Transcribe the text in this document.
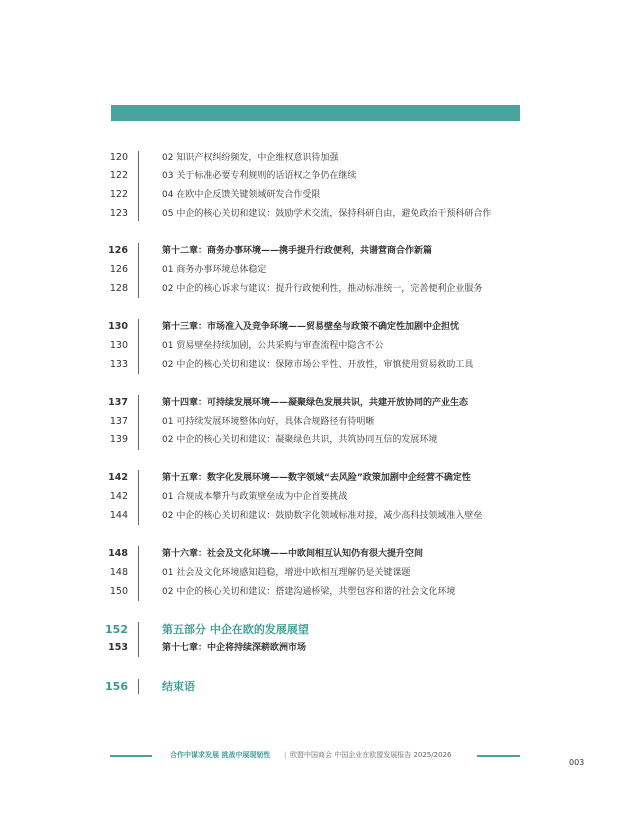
120	02 知识产权纠纷频发，中企维权意识待加强
122	03 关于标准必要专利规则的话语权之争仍在继续
122	04 在欧中企反馈关键领域研发合作受限
123	05 中企的核心关切和建议：鼓励学术交流，保持科研自由，避免政治干预科研合作
126	第十二章：商务办事环境——携手提升行政便利，共谱营商合作新篇
126	01 商务办事环境总体稳定
128	02 中企的核心诉求与建议：提升行政便利性，推动标准统一，完善便利企业服务
130	第十三章：市场准入及竞争环境——贸易壁垒与政策不确定性加剧中企担忧
130	01 贸易壁垒持续加剧，公共采购与审查流程中隐含不公
133	02 中企的核心关切和建议：保障市场公平性、开放性，审慎使用贸易救助工具
137	第十四章：可持续发展环境——凝聚绿色发展共识，共建开放协同的产业生态
137	01 可持续发展环境整体向好，具体合规路径有待明晰
139	02 中企的核心关切和建议：凝聚绿色共识，共筑协同互信的发展环境
142	第十五章：数字化发展环境——数字领域“去风险”政策加剧中企经营不确定性
142	01 合规成本攀升与政策壁垒成为中企首要挑战
144	02 中企的核心关切和建议：鼓励数字化领域标准对接，减少高科技领域准入壁垒
148	第十六章：社会及文化环境——中欧间相互认知仍有很大提升空间
148	01 社会及文化环境感知趋稳，增进中欧相互理解仍是关键课题
150	02 中企的核心关切和建议：搭建沟通桥梁，共塑包容和谐的社会文化环境
152	第五部分 中企在欧的发展展望
153	第十七章：中企将持续深耕欧洲市场
156	结束语
合作中谋求发展 挑战中展现韧性 | 欧盟中国商会 中国企业在欧盟发展报告 2025/2026
003
